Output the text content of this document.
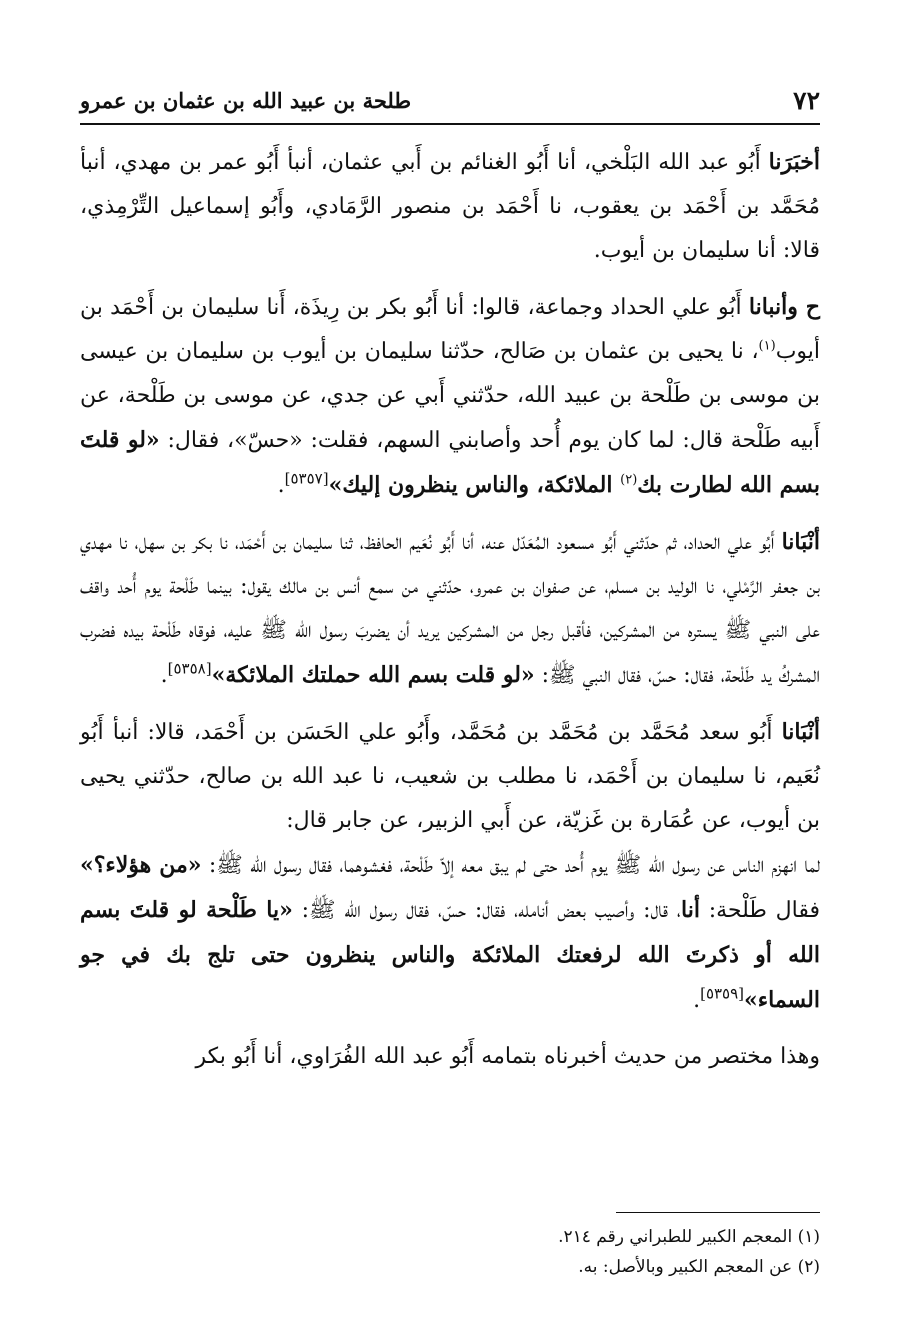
٧٢
طلحة بن عبيد الله بن عثمان بن عمرو

أخبَرَنا أَبُو عبد الله البَلْخي، أنا أَبُو الغنائم بن أَبي عثمان، أنبأ أَبُو عمر بن مهدي، أنبأ مُحَمَّد بن أَحْمَد بن يعقوب، نا أَحْمَد بن منصور الرَّمَادي، وأَبُو إسماعيل التِّرْمِذي، قالا: أنا سليمان بن أيوب.

ح وأنبانا أَبُو علي الحداد وجماعة، قالوا: أنا أَبُو بكر بن رِيذَة، أَنا سليمان بن أَحْمَد بن أيوب$^{(١)}$، نا يحيى بن عثمان بن صَالح، حدّثنا سليمان بن أيوب بن سليمان بن عيسى بن موسى بن طَلْحة بن عبيد الله، حدّثني أَبي عن جدي، عن موسى بن طَلْحة، عن أَبيه طَلْحة قال: لما كان يوم أُحد وأصابني السهم، فقلت: «حسّ»، فقال: «لو قلتَ بسم الله لطارت بك$^{(٢)}$ الملائكة، والناس ينظرون إليك»[٥٣٥٧].

أنْبَانا أَبُو علي الحداد، ثم حدّثني أَبُو مسعود المُعَدّل عنه، أنا أَبُو نُعَيم الحافظ، ثنا سليمان بن أَحْمَد، نا بكر بن سهل، نا مهدي بن جعفر الرَّمْلي، نا الوليد بن مسلم، عن صفوان بن عمرو، حدّثني من سمع أنس بن مالك يقول: بينما طَلْحة يوم أُحد واقف على النبي ﷺ يستره من المشركين، فأقبل رجل من المشركين يريد أن يضربَ رسول الله ﷺ عليه، فوقاه طَلْحة بيده فضرب المشركُ يد طَلْحة، فقال: حسّ، فقال النبي ﷺ: «لو قلت بسم الله حملتك الملائكة»[٥٣٥٨].

أنْبَانا أَبُو سعد مُحَمَّد بن مُحَمَّد بن مُحَمَّد، وأَبُو علي الحَسَن بن أَحْمَد، قالا: أنبأ أَبُو نُعَيم، نا سليمان بن أَحْمَد، نا مطلب بن شعيب، نا عبد الله بن صالح، حدّثني يحيى بن أيوب، عن عُمَارة بن غَزيّة، عن أَبي الزبير، عن جابر قال:

لما انهزم الناس عن رسول الله ﷺ يوم أُحد حتى لم يبق معه إلاّ طَلْحة، فغشوهما، فقال رسول الله ﷺ: «من هؤلاء؟» فقال طَلْحة: أنا، قال: وأصيب بعض أنامله، فقال: حسّ، فقال رسول الله ﷺ: «يا طَلْحة لو قلتَ بسم الله أو ذكرتَ الله لرفعتك الملائكة والناس ينظرون حتى تلج بك في جو السماء»[٥٣٥٩].

وهذا مختصر من حديث أخبرناه بتمامه أَبُو عبد الله الفُرَاوي، أنا أَبُو بكر

(١) المعجم الكبير للطبراني رقم ٢١٤.

(٢) عن المعجم الكبير وبالأصل: به.
